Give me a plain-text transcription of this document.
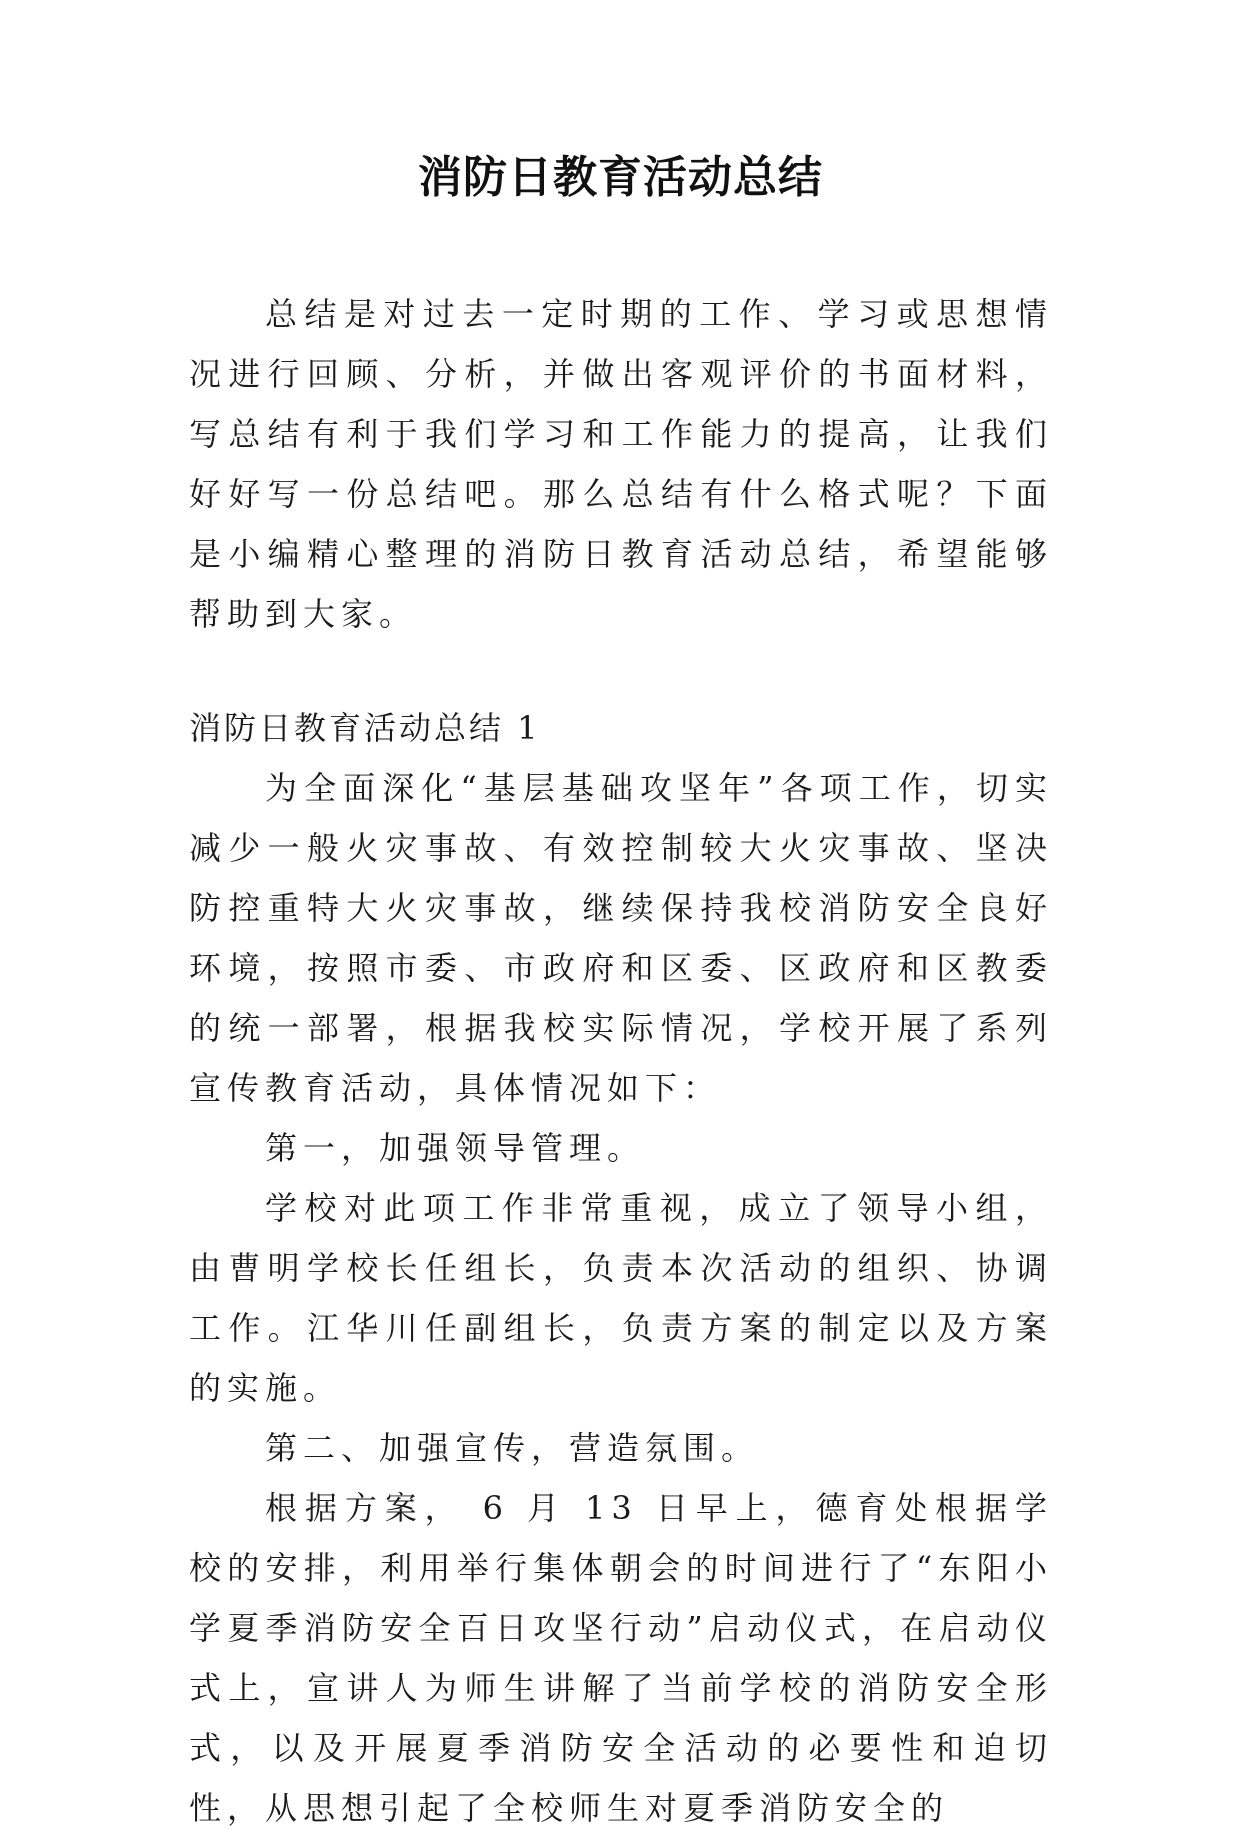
消防日教育活动总结

总结是对过去一定时期的工作、学习或思想情况进行回顾、分析，并做出客观评价的书面材料，写总结有利于我们学习和工作能力的提高，让我们好好写一份总结吧。那么总结有什么格式呢？下面是小编精心整理的消防日教育活动总结，希望能够帮助到大家。

消防日教育活动总结 1

为全面深化“基层基础攻坚年”各项工作，切实减少一般火灾事故、有效控制较大火灾事故、坚决防控重特大火灾事故，继续保持我校消防安全良好环境，按照市委、市政府和区委、区政府和区教委的统一部署，根据我校实际情况，学校开展了系列宣传教育活动，具体情况如下：

第一，加强领导管理。

学校对此项工作非常重视，成立了领导小组，由曹明学校长任组长，负责本次活动的组织、协调工作。江华川任副组长，负责方案的制定以及方案的实施。

第二、加强宣传，营造氛围。

根据方案， 6 月 13 日早上，德育处根据学校的安排，利用举行集体朝会的时间进行了“东阳小学夏季消防安全百日攻坚行动”启动仪式，在启动仪式上，宣讲人为师生讲解了当前学校的消防安全形式，以及开展夏季消防安全活动的必要性和迫切性，从思想引起了全校师生对夏季消防安全的
